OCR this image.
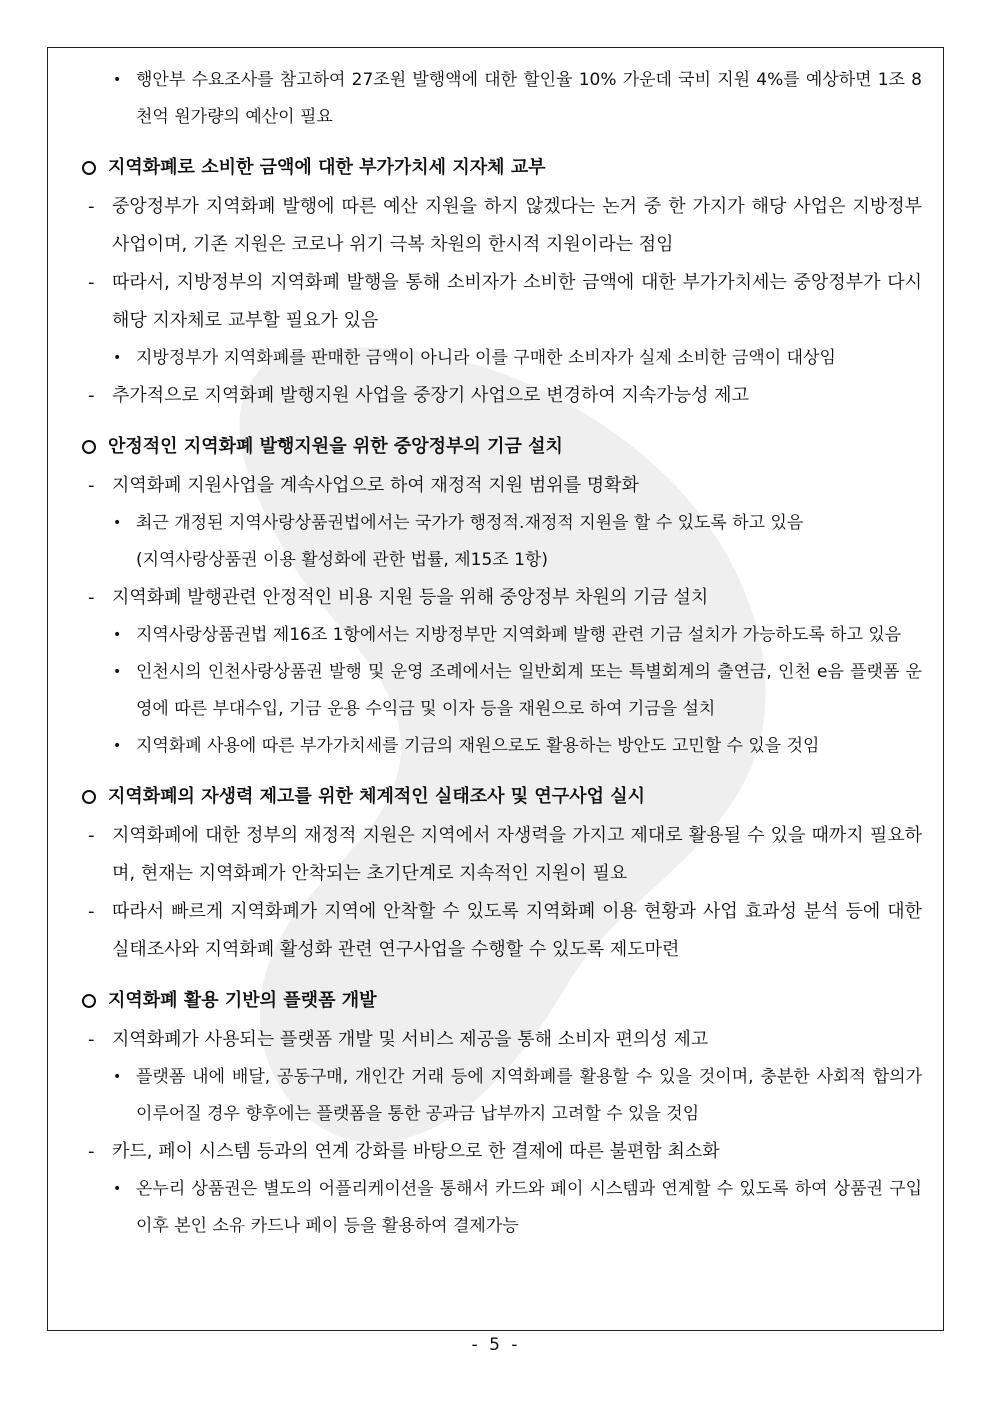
• 행안부 수요조사를 참고하여 27조원 발행액에 대한 할인율 10% 가운데 국비 지원 4%를 예상하면 1조 8천억 원가량의 예산이 필요

지역화폐로 소비한 금액에 대한 부가가치세 지자체 교부

- 중앙정부가 지역화폐 발행에 따른 예산 지원을 하지 않겠다는 논거 중 한 가지가 해당 사업은 지방정부 사업이며, 기존 지원은 코로나 위기 극복 차원의 한시적 지원이라는 점임

- 따라서, 지방정부의 지역화폐 발행을 통해 소비자가 소비한 금액에 대한 부가가치세는 중앙정부가 다시 해당 지자체로 교부할 필요가 있음

• 지방정부가 지역화폐를 판매한 금액이 아니라 이를 구매한 소비자가 실제 소비한 금액이 대상임

- 추가적으로 지역화폐 발행지원 사업을 중장기 사업으로 변경하여 지속가능성 제고

안정적인 지역화폐 발행지원을 위한 중앙정부의 기금 설치

- 지역화폐 지원사업을 계속사업으로 하여 재정적 지원 범위를 명확화

• 최근 개정된 지역사랑상품권법에서는 국가가 행정적․재정적 지원을 할 수 있도록 하고 있음

(지역사랑상품권 이용 활성화에 관한 법률, 제15조 1항)

- 지역화폐 발행관련 안정적인 비용 지원 등을 위해 중앙정부 차원의 기금 설치

• 지역사랑상품권법 제16조 1항에서는 지방정부만 지역화폐 발행 관련 기금 설치가 가능하도록 하고 있음

• 인천시의 인천사랑상품권 발행 및 운영 조례에서는 일반회계 또는 특별회계의 출연금, 인천 e음 플랫폼 운영에 따른 부대수입, 기금 운용 수익금 및 이자 등을 재원으로 하여 기금을 설치

• 지역화폐 사용에 따른 부가가치세를 기금의 재원으로도 활용하는 방안도 고민할 수 있을 것임

지역화폐의 자생력 제고를 위한 체계적인 실태조사 및 연구사업 실시

- 지역화폐에 대한 정부의 재정적 지원은 지역에서 자생력을 가지고 제대로 활용될 수 있을 때까지 필요하며, 현재는 지역화폐가 안착되는 초기단계로 지속적인 지원이 필요

- 따라서 빠르게 지역화폐가 지역에 안착할 수 있도록 지역화폐 이용 현황과 사업 효과성 분석 등에 대한 실태조사와 지역화폐 활성화 관련 연구사업을 수행할 수 있도록 제도마련

지역화폐 활용 기반의 플랫폼 개발

- 지역화폐가 사용되는 플랫폼 개발 및 서비스 제공을 통해 소비자 편의성 제고

• 플랫폼 내에 배달, 공동구매, 개인간 거래 등에 지역화폐를 활용할 수 있을 것이며, 충분한 사회적 합의가 이루어질 경우 향후에는 플랫폼을 통한 공과금 납부까지 고려할 수 있을 것임

- 카드, 페이 시스템 등과의 연계 강화를 바탕으로 한 결제에 따른 불편함 최소화

• 온누리 상품권은 별도의 어플리케이션을 통해서 카드와 페이 시스템과 연계할 수 있도록 하여 상품권 구입이후 본인 소유 카드나 페이 등을 활용하여 결제가능

- 5 -
